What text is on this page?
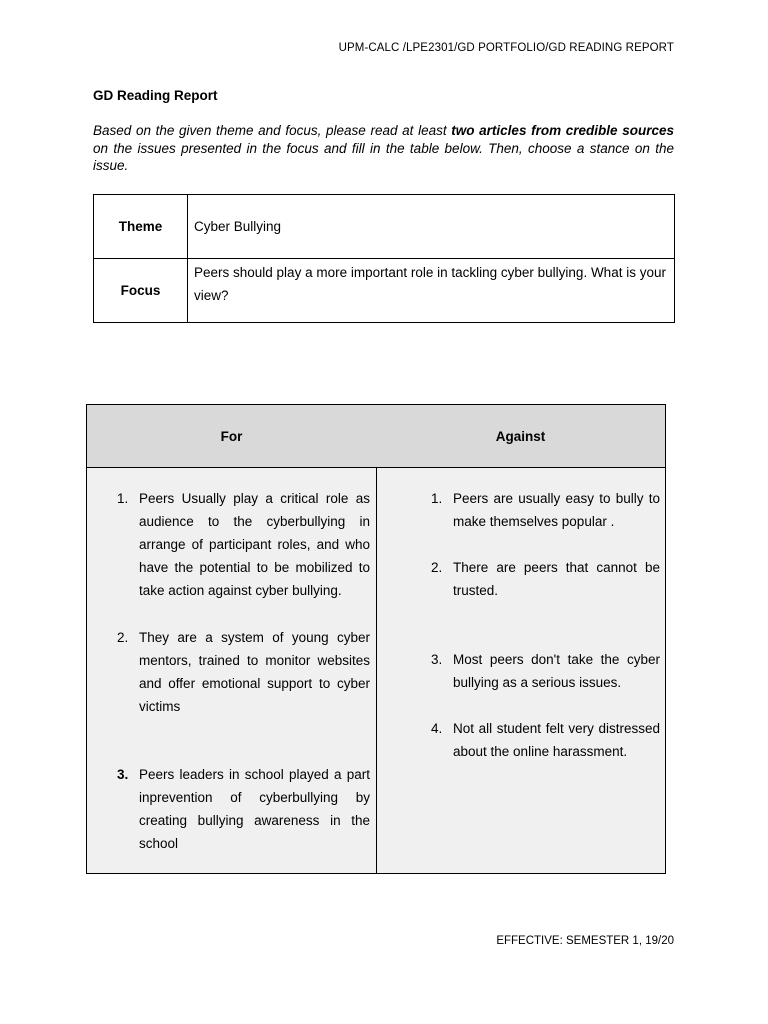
UPM-CALC /LPE2301/GD PORTFOLIO/GD READING REPORT
GD Reading Report
Based on the given theme and focus, please read at least two articles from credible sources on the issues presented in the focus and fill in the table below. Then, choose a stance on the issue.
Theme	Cyber Bullying
Focus	Peers should play a more important role in tackling cyber bullying. What is your view?
For	Against
1. Peers Usually play a critical role as audience to the cyberbullying in arrange of participant roles, and who have the potential to be mobilized to take action against cyber bullying.
2. They are a system of young cyber mentors, trained to monitor websites and offer emotional support to cyber victims
3. Peers leaders in school played a part inprevention of cyberbullying by creating bullying awareness in the school
1. Peers are usually easy to bully to make themselves popular .
2. There are peers that cannot be trusted.
3. Most peers don't take the cyber bullying as a serious issues.
4. Not all student felt very distressed about the online harassment.
EFFECTIVE: SEMESTER 1, 19/20
